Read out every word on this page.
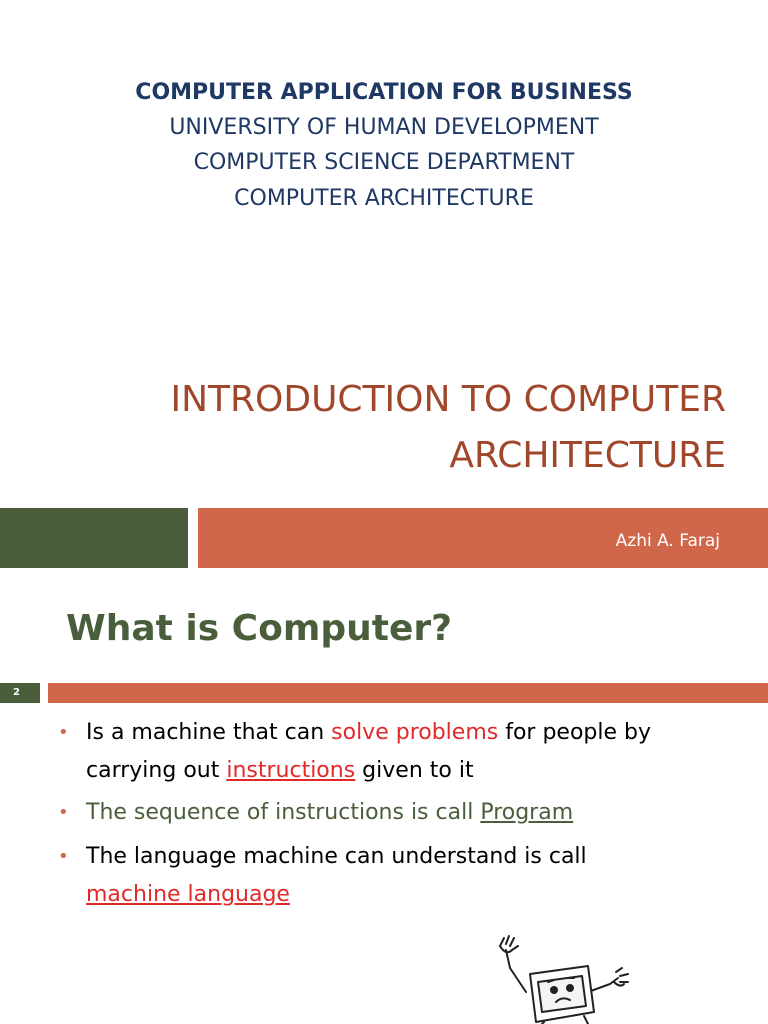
COMPUTER APPLICATION FOR BUSINESS
UNIVERSITY OF HUMAN DEVELOPMENT
COMPUTER SCIENCE DEPARTMENT
COMPUTER ARCHITECTURE
INTRODUCTION TO COMPUTER
ARCHITECTURE
Azhi A. Faraj
What is Computer?
2
• Is a machine that can solve problems for people by carrying out instructions given to it
• The sequence of instructions is call Program
• The language machine can understand is call
machine language
